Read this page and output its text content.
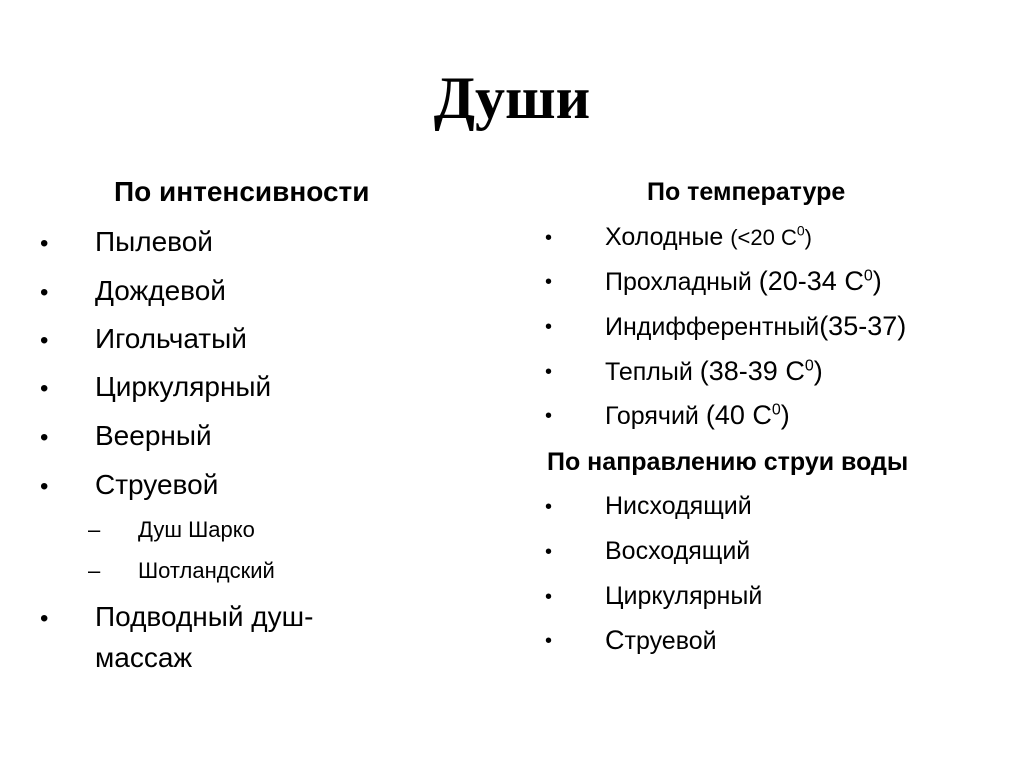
Души
По интенсивности
• Пылевой
• Дождевой
• Игольчатый
• Циркулярный
• Веерный
• Струевой
– Душ Шарко
– Шотландский
• Подводный душ-
массаж
По температуре
• Холодные (<20 $С^0$)
• Прохладный (20-34 $С^0$)
• Индифферентный(35-37)
• Теплый (38-39 $С^0$)
• Горячий (40 $С^0$)
По направлению струи воды
• Нисходящий
• Восходящий
• Циркулярный
• Струевой
